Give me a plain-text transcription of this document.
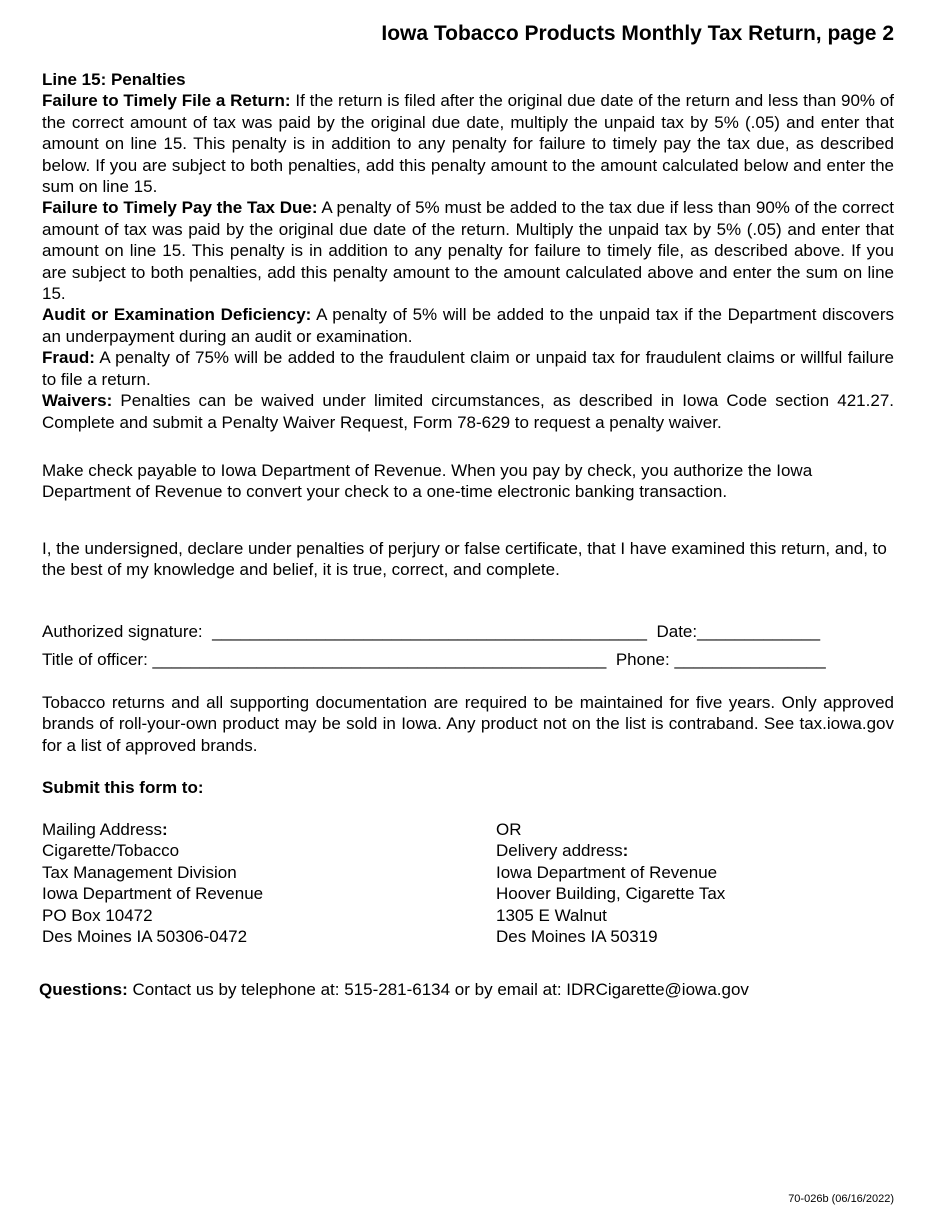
Iowa Tobacco Products Monthly Tax Return, page 2
Line 15: Penalties
Failure to Timely File a Return: If the return is filed after the original due date of the return and less than 90% of the correct amount of tax was paid by the original due date, multiply the unpaid tax by 5% (.05) and enter that amount on line 15. This penalty is in addition to any penalty for failure to timely pay the tax due, as described below. If you are subject to both penalties, add this penalty amount to the amount calculated below and enter the sum on line 15.
Failure to Timely Pay the Tax Due: A penalty of 5% must be added to the tax due if less than 90% of the correct amount of tax was paid by the original due date of the return. Multiply the unpaid tax by 5% (.05) and enter that amount on line 15. This penalty is in addition to any penalty for failure to timely file, as described above. If you are subject to both penalties, add this penalty amount to the amount calculated above and enter the sum on line 15.
Audit or Examination Deficiency: A penalty of 5% will be added to the unpaid tax if the Department discovers an underpayment during an audit or examination.
Fraud: A penalty of 75% will be added to the fraudulent claim or unpaid tax for fraudulent claims or willful failure to file a return.
Waivers: Penalties can be waived under limited circumstances, as described in Iowa Code section 421.27. Complete and submit a Penalty Waiver Request, Form 78-629 to request a penalty waiver.
Make check payable to Iowa Department of Revenue. When you pay by check, you authorize the Iowa Department of Revenue to convert your check to a one-time electronic banking transaction.
I, the undersigned, declare under penalties of perjury or false certificate, that I have examined this return, and, to the best of my knowledge and belief, it is true, correct, and complete.
Authorized signature:  ______________________________________________  Date:_____________
Title of officer: ________________________________________________  Phone: ________________
Tobacco returns and all supporting documentation are required to be maintained for five years. Only approved brands of roll-your-own product may be sold in Iowa. Any product not on the list is contraband. See tax.iowa.gov for a list of approved brands.
Submit this form to:
Mailing Address:
Cigarette/Tobacco
Tax Management Division
Iowa Department of Revenue
PO Box 10472
Des Moines IA 50306-0472
OR
Delivery address:
Iowa Department of Revenue
Hoover Building, Cigarette Tax
1305 E Walnut
Des Moines IA 50319
Questions: Contact us by telephone at: 515-281-6134 or by email at: IDRCigarette@iowa.gov
70-026b (06/16/2022)
